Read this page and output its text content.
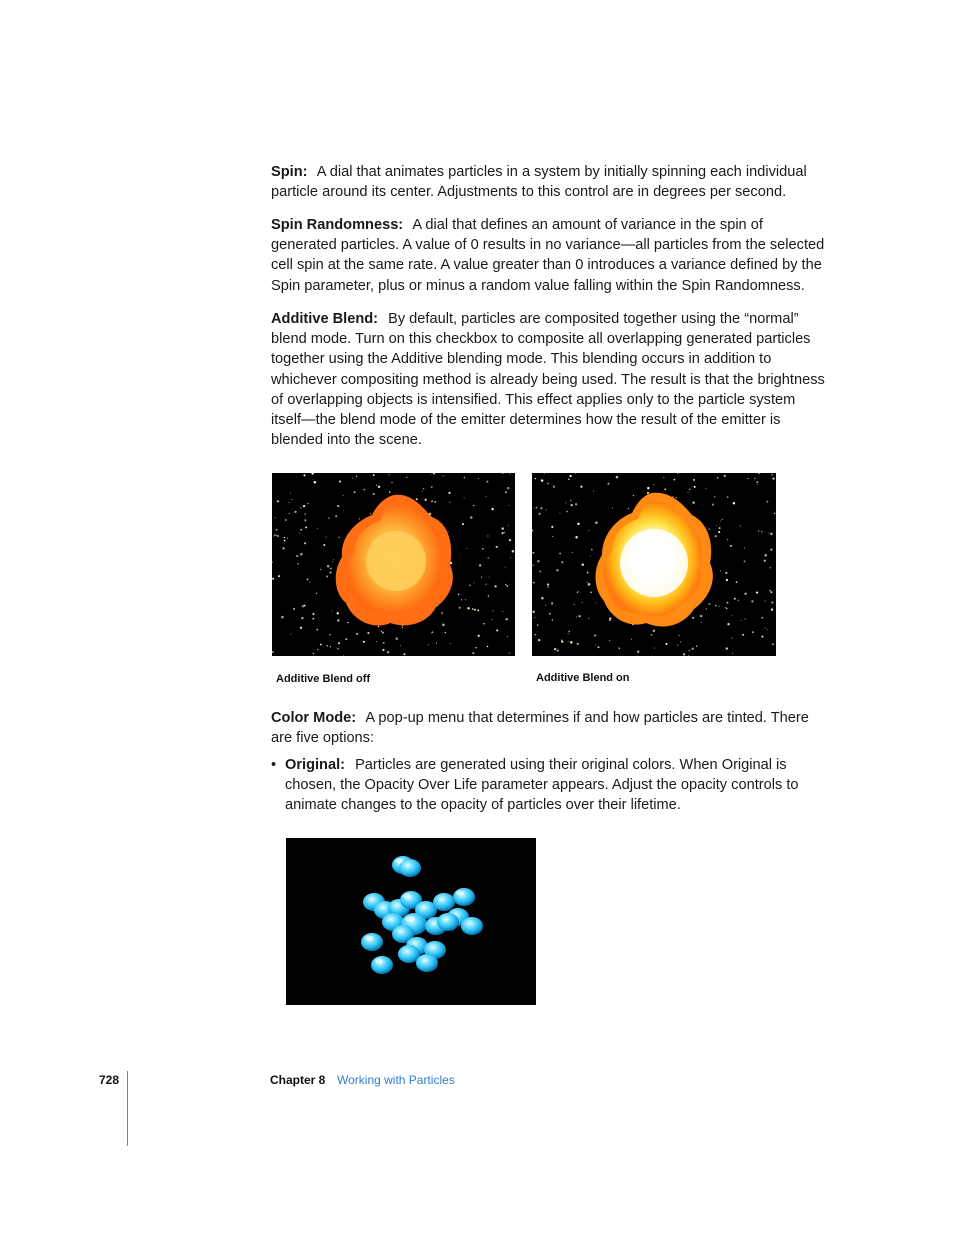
Spin: A dial that animates particles in a system by initially spinning each individual particle around its center. Adjustments to this control are in degrees per second.

Spin Randomness: A dial that defines an amount of variance in the spin of generated particles. A value of 0 results in no variance—all particles from the selected cell spin at the same rate. A value greater than 0 introduces a variance defined by the Spin parameter, plus or minus a random value falling within the Spin Randomness.

Additive Blend: By default, particles are composited together using the “normal” blend mode. Turn on this checkbox to composite all overlapping generated particles together using the Additive blending mode. This blending occurs in addition to whichever compositing method is already being used. The result is that the brightness of overlapping objects is intensified. This effect applies only to the particle system itself—the blend mode of the emitter determines how the result of the emitter is blended into the scene.

Additive Blend off	Additive Blend on

Color Mode: A pop-up menu that determines if and how particles are tinted. There are five options:

• Original: Particles are generated using their original colors. When Original is chosen, the Opacity Over Life parameter appears. Adjust the opacity controls to animate changes to the opacity of particles over their lifetime.
728	Chapter 8 Working with Particles
